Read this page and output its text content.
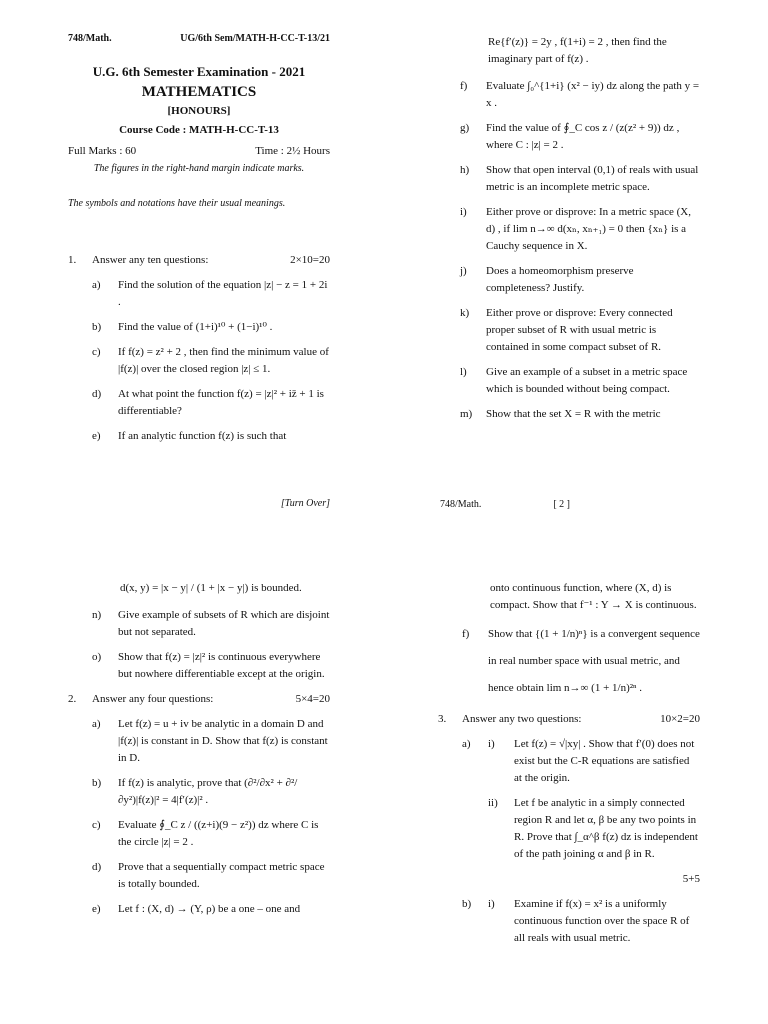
748/Math.	UG/6th Sem/MATH-H-CC-T-13/21
U.G. 6th Semester Examination - 2021
MATHEMATICS
[HONOURS]
Course Code : MATH-H-CC-T-13
Full Marks : 60	Time : 2½ Hours
The figures in the right-hand margin indicate marks.
The symbols and notations have their usual meanings.
1.	Answer any ten questions:	2×10=20
a)	Find the solution of the equation |z| − z = 1 + 2i .
b)	Find the value of (1+i)¹⁰ + (1−i)¹⁰ .
c)	If f(z) = z² + 2 , then find the minimum value of |f(z)| over the closed region |z| ≤ 1.
d)	At what point the function f(z) = |z|² + iz̄ + 1 is differentiable?
e)	If an analytic function f(z) is such that
[Turn Over]
Re{f′(z)} = 2y , f(1+i) = 2 , then find the imaginary part of f(z) .
f)	Evaluate ∫₀^{1+i} (x² − iy) dz along the path y = x .
g)	Find the value of ∮_C cos z / (z(z² + 9)) dz , where C : |z| = 2 .
h)	Show that open interval (0,1) of reals with usual metric is an incomplete metric space.
i)	Either prove or disprove: In a metric space (X, d) , if lim n→∞ d(xₙ, xₙ₊₁) = 0 then {xₙ} is a Cauchy sequence in X.
j)	Does a homeomorphism preserve completeness? Justify.
k)	Either prove or disprove: Every connected proper subset of R with usual metric is contained in some compact subset of R.
l)	Give an example of a subset in a metric space which is bounded without being compact.
m)	Show that the set X = R with the metric
748/Math.	[ 2 ]
d(x, y) = |x − y| / (1 + |x − y|) is bounded.
n)	Give example of subsets of R which are disjoint but not separated.
o)	Show that f(z) = |z|² is continuous everywhere but nowhere differentiable except at the origin.
2.	Answer any four questions:	5×4=20
a)	Let f(z) = u + iv be analytic in a domain D and |f(z)| is constant in D. Show that f(z) is constant in D.
b)	If f(z) is analytic, prove that (∂²/∂x² + ∂²/∂y²)|f(z)|² = 4|f′(z)|² .
c)	Evaluate ∮_C z / ((z+i)(9 − z²)) dz where C is the circle |z| = 2 .
d)	Prove that a sequentially compact metric space is totally bounded.
e)	Let f : (X, d) → (Y, ρ) be a one – one and
onto continuous function, where (X, d) is compact. Show that f⁻¹ : Y → X is continuous.
f)	Show that {(1 + 1/n)ⁿ} is a convergent sequence
in real number space with usual metric, and
hence obtain lim n→∞ (1 + 1/n)²ⁿ .
3.	Answer any two questions:	10×2=20
a)	i)	Let f(z) = √|xy| . Show that f′(0) does not exist but the C-R equations are satisfied at the origin.
ii)	Let f be analytic in a simply connected region R and let α, β be any two points in R. Prove that ∫_α^β f(z) dz is independent of the path joining α and β in R.
5+5
b)	i)	Examine if f(x) = x² is a uniformly continuous function over the space R of all reals with usual metric.
